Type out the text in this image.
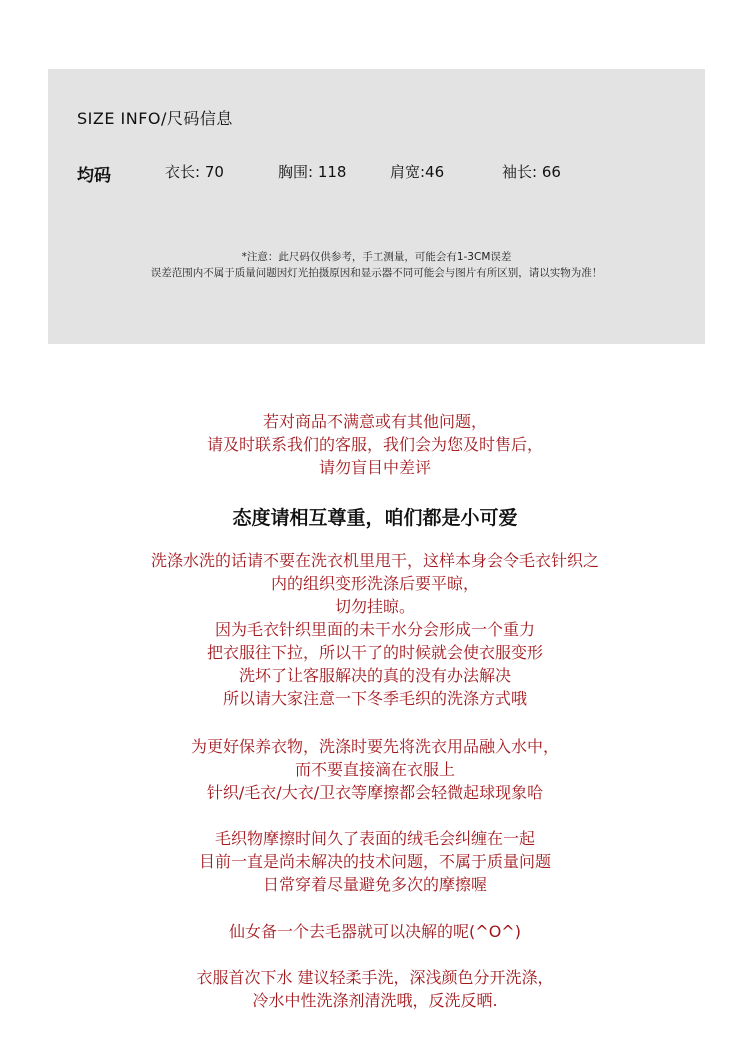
SIZE INFO/尺码信息
均码	衣长: 70	胸围: 118	肩宽:46	袖长: 66
*注意：此尺码仅供参考，手工测量，可能会有1-3CM误差
误差范围内不属于质量问题因灯光拍摄原因和显示器不同可能会与图片有所区别，请以实物为准！
若对商品不满意或有其他问题，
请及时联系我们的客服，我们会为您及时售后，
请勿盲目中差评
态度请相互尊重，咱们都是小可爱
洗涤水洗的话请不要在洗衣机里甩干，这样本身会令毛衣针织之
内的组织变形洗涤后要平晾，
切勿挂晾。
因为毛衣针织里面的未干水分会形成一个重力
把衣服往下拉，所以干了的时候就会使衣服变形
洗坏了让客服解决的真的没有办法解决
所以请大家注意一下冬季毛织的洗涤方式哦
为更好保养衣物，洗涤时要先将洗衣用品融入水中，
而不要直接滴在衣服上
针织/毛衣/大衣/卫衣等摩擦都会轻微起球现象哈
毛织物摩擦时间久了表面的绒毛会纠缠在一起
目前一直是尚未解决的技术问题，不属于质量问题
日常穿着尽量避免多次的摩擦喔
仙女备一个去毛器就可以决解的呢(^O^)
衣服首次下水 建议轻柔手洗，深浅颜色分开洗涤，
冷水中性洗涤剂清洗哦，反洗反晒.
